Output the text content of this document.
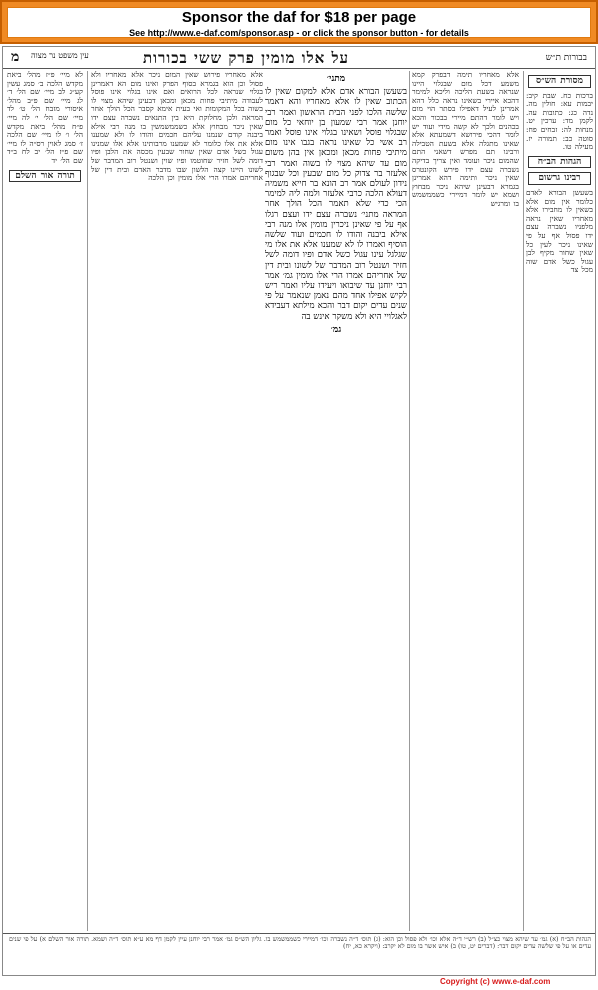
Sponsor the daf for $18 per page
See http://www.e-daf.com/sponsor.asp - or click the sponsor button - for details
בבורות ת״ש
על אלו מומין פרק ששי בכורות
עין משפט נר מצוה
מ
מסורת הש״ס
ברכות כח. שבת קיב: יבמות עא: חולין מה. נדה כג: כתובות עה. לקמן מד: ערכין יט. מנחות לה: זבחים פח: סוטה כב: תמורה יז. מעילה טו.
הגהות הב״ח
רבינו גרשום
בשעשן הבורא לאדם כלומר אין מום אלא בשאין לו מחבירו אלא מאחריו שאין נראה מלפניו נשברה עצם ידו פסול אף על פי שאינו ניכר לעין כל שאין שחור מקיף לבן עגול כשל אדם שוה מכל צד
אלא מאחריו תימה דבפרק קמא משמע דכל מום שבגלוי היינו שנראה בשעת הליכה וליכא למימר דהכא איירי בשאינו נראה כלל דהא אמרינן לעיל דאפילו בסתר הוי מום ויש לומר דהתם מיירי בבכור והכא בכהנים ולכך לא קשה מידי ועוד יש לומר דהכי פירושא דשמעתא אלא שאינו מתגלה אלא בשעת הטבילה ורבינו תם מפרש דשאני התם שהמום ניכר ועומד ואין צריך בדיקה נשברה עצם ידו פירש הקונטרס שאין ניכר ותימה דהא אמרינן בגמרא דבעינן שיהא ניכר מבחוץ ושמא יש לומר דמיירי כשממשמש בו ומרגיש
מתני׳
בשעשן הבורא אדם אלא למקום שאין לו הכתוב שאין לו אלא מאחריו והא דאמר שלשה הלכו לפני הבית הראשון ואמר רבי יוחנן אמר רבי שמעון בן יוחאי כל מום שבגלוי פוסל ושאינו בגלוי אינו פוסל ואמר רב אשי כל שאינו נראה בגבו אינו מום מיתיבי פחות מכאן ומכאן אין בהן משום מום עד שיהא מצוי לו בשוה ואמר רבי אלעזר בר צדוק כל מום שבעין וכל שבגוף נידון לעולם אמר רב הונא בר חייא משמיה דעולא הלכה כרבי אלעזר ולמה ליה למימר הכי כדי שלא תאמר הכל הולך אחר המראה מתני׳ נשברה עצם ידו ועצם רגלו אף על פי שאינן ניכרין מומין אלו מנה רבי אילא ביבנה והודו לו חכמים ועוד שלשה הוסיף ואמרו לו לא שמענו אלא את אלו מי שגלגל עינו עגול כשל אדם ופיו דומה לשל חזיר ושנטל רוב המדבר של לשונו ובית דין של אחריהם אמרו הרי אלו מומין גמ׳ אמר רבי יוחנן עד שיבואו ויעידו עליו ואמר ריש לקיש אפילו אחד מהם נאמן שנאמר על פי שנים עדים יקום דבר והכא מילתא דעבידא לאגלויי היא ולא משקר אינש בה
גמ׳
אלא מאחריו פירוש שאין המום ניכר אלא מאחריו ולא פסול וכן הוא בגמרא בסוף הפרק ואינו מום הא דאמרינן בגלוי שנראה לכל הרואים ואם אינו בגלוי אינו פוסל לעבודה מיתיבי פחות מכאן ומכאן דבעינן שיהא מצוי לו בשוה בכל המקומות ואי בעית אימא קסבר הכל הולך אחר המראה ולכן מחלוקת היא בין התנאים נשברה עצם ידו שאין ניכר מבחוץ אלא כשממשמשין בו מנה רבי אילא ביבנה קודם שנמנו עליהם חכמים והודו לו ולא שמענו אלא את אלו כלומר לא שמענו מרבותינו אלא אלו שמנינו עגול כשל אדם שאין שחור שבעין מכסה את הלבן ופיו דומה לשל חזיר שחוטמו ופיו שוין ושנטל רוב המדבר של לשונו היינו קצה הלשון שבו מדבר האדם ובית דין של אחריהם אמרו הרי אלו מומין וכן הלכה
לא מיי׳ פ״ז מהל׳ ביאת מקדש הלכה ב׳ סמג עשין קע״ג לב מיי׳ שם הל׳ ד׳ לג מיי׳ שם פ״ב מהל׳ איסורי מזבח הל׳ ט׳ לד מיי׳ שם הל׳ י׳ לה מיי׳ פ״ח מהל׳ ביאת מקדש הל׳ ו׳ לו מיי׳ שם הלכה ז׳ סמג לאוין רס״ה לז מיי׳ שם פ״ז הל׳ יב לח ב״ד שם הל׳ יד
תורה אור השלם
הגהות הב״ח (א) גמ׳ עד שיהא מצוי כצ״ל (ב) רש״י ד״ה אלא וכו׳ ולא פסול וכן הוא: (ג) תוס׳ ד״ה נשברה וכו׳ דמיירי כשממשמש בו. גליון הש״ס גמ׳ אמר רבי יוחנן עיין לקמן דף מא ע״א תוס׳ ד״ה ושמא. תורה אור השלם א) על פי שנים עדים או על פי שלשה עדים יקום דבר: (דברים יט, טו) ב) איש אשר בו מום לא יקרב: (ויקרא כא, יח)
Copyright (c) www.e-daf.com
